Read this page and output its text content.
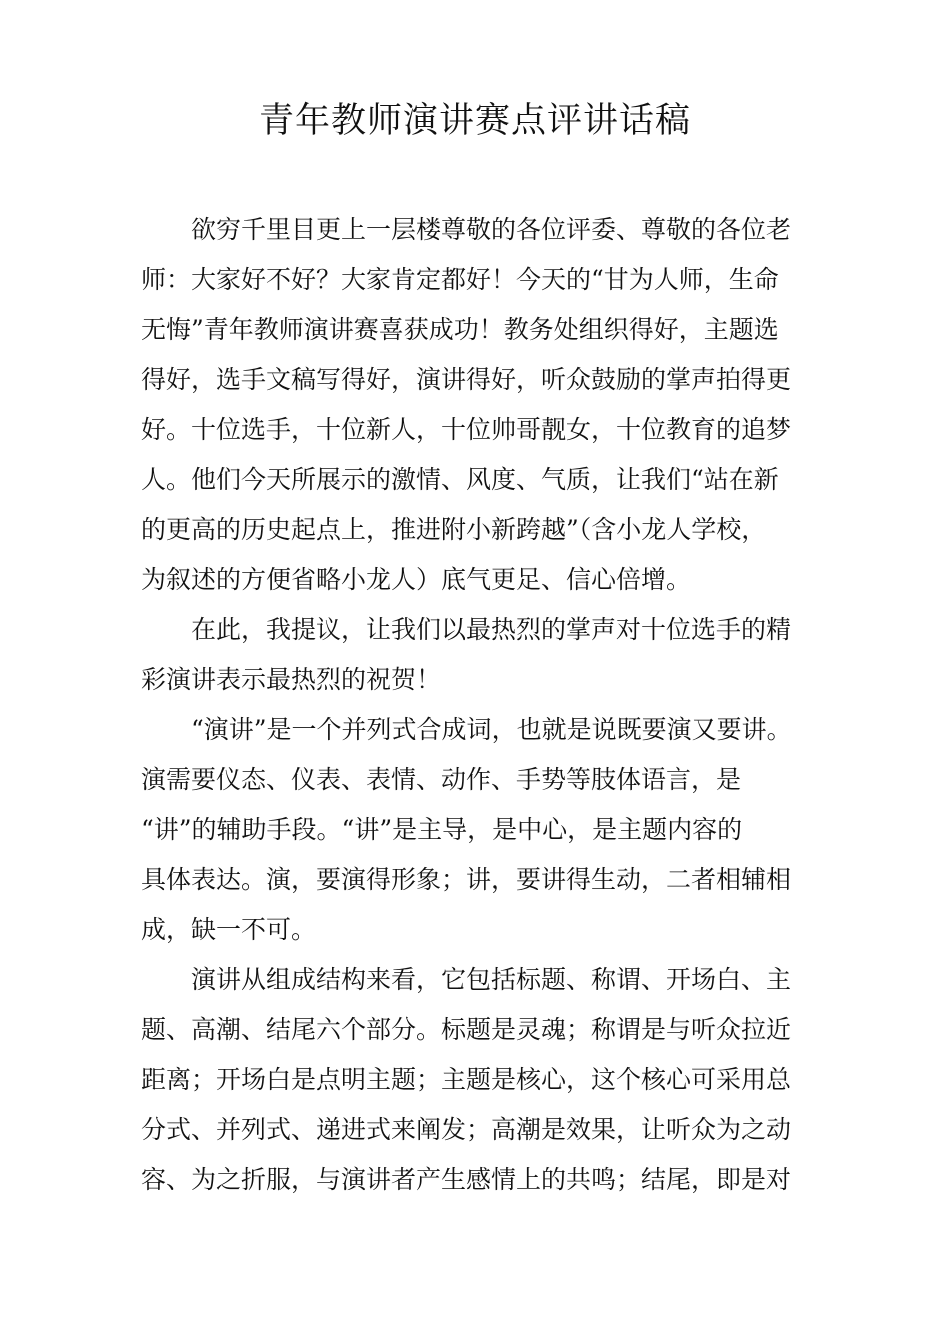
青年教师演讲赛点评讲话稿
欲穷千里目更上一层楼尊敬的各位评委、尊敬的各位老
师：大家好不好？大家肯定都好！今天的“甘为人师，生命
无悔”青年教师演讲赛喜获成功！教务处组织得好，主题选
得好，选手文稿写得好，演讲得好，听众鼓励的掌声拍得更
好。十位选手，十位新人，十位帅哥靓女，十位教育的追梦
人。他们今天所展示的激情、风度、气质，让我们“站在新
的更高的历史起点上，推进附小新跨越”（含小龙人学校，
为叙述的方便省略小龙人）底气更足、信心倍增。
在此，我提议，让我们以最热烈的掌声对十位选手的精
彩演讲表示最热烈的祝贺！
“演讲”是一个并列式合成词，也就是说既要演又要讲。
演需要仪态、仪表、表情、动作、手势等肢体语言，是
“讲”的辅助手段。“讲”是主导，是中心，是主题内容的
具体表达。演，要演得形象；讲，要讲得生动，二者相辅相
成，缺一不可。
演讲从组成结构来看，它包括标题、称谓、开场白、主
题、高潮、结尾六个部分。标题是灵魂；称谓是与听众拉近
距离；开场白是点明主题；主题是核心，这个核心可采用总
分式、并列式、递进式来阐发；高潮是效果，让听众为之动
容、为之折服，与演讲者产生感情上的共鸣；结尾，即是对
